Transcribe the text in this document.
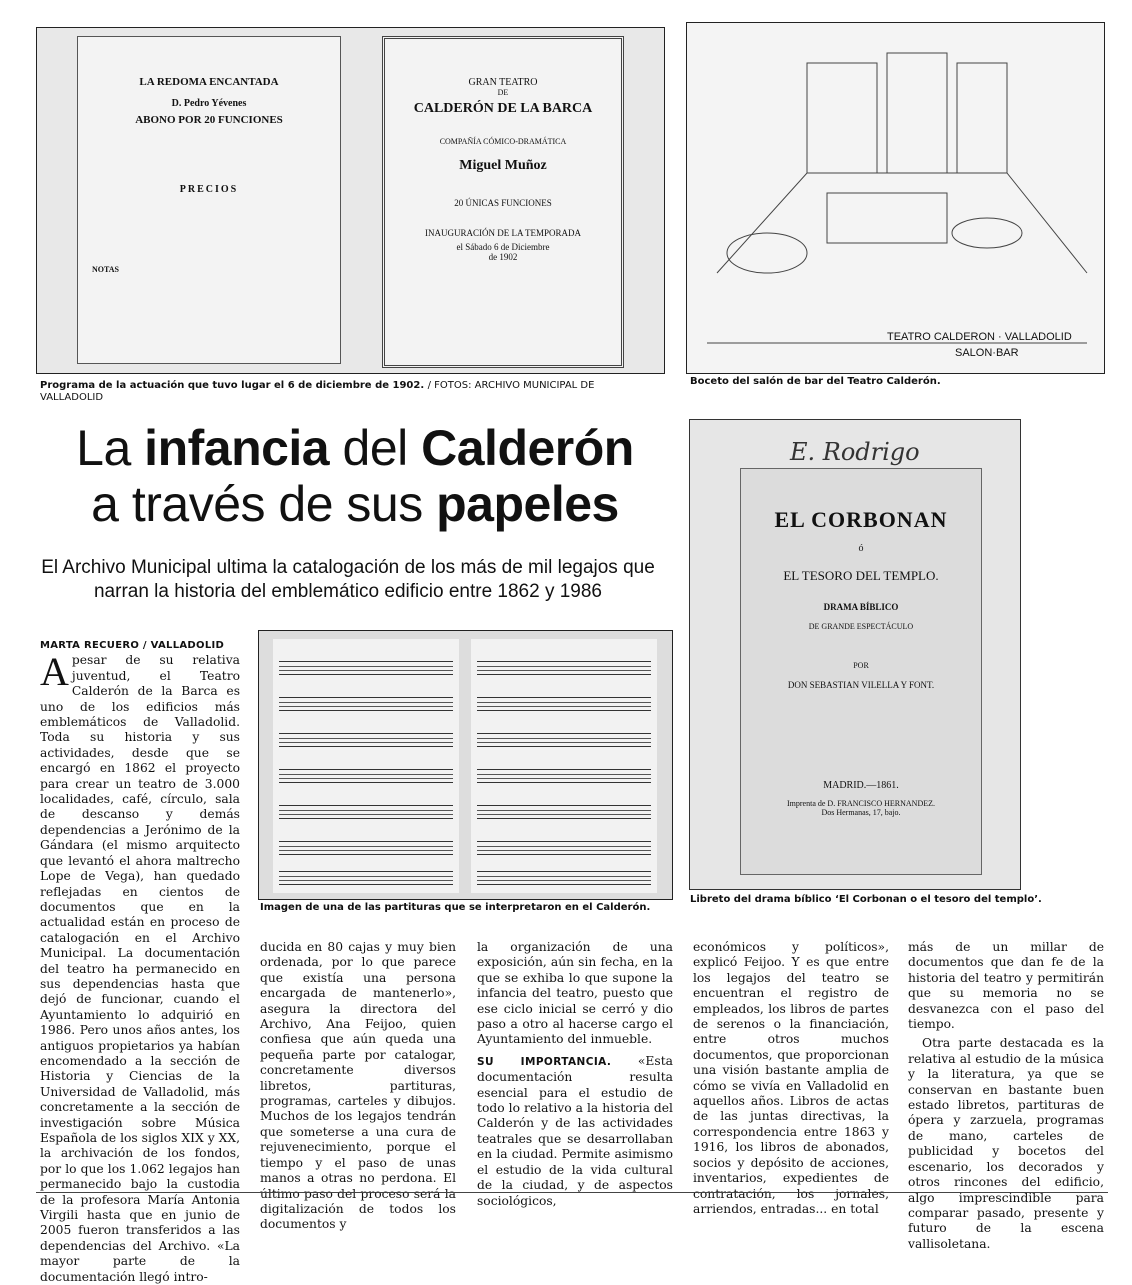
LA REDOMA ENCANTADA
D. Pedro Yévenes
ABONO POR 20 FUNCIONES
PRECIOS
NOTAS
GRAN TEATRO
DE
CALDERÓN DE LA BARCA
COMPAÑÍA CÓMICO-DRAMÁTICA
Miguel Muñoz
20 ÚNICAS FUNCIONES
INAUGURACIÓN DE LA TEMPORADA
el Sábado 6 de Diciembre
de 1902
Programa de la actuación que tuvo lugar el 6 de diciembre de 1902. / FOTOS: ARCHIVO MUNICIPAL DE VALLADOLID
TEATRO CALDERON · VALLADOLID
SALON·BAR
Boceto del salón de bar del Teatro Calderón.
La infancia del Calderón
a través de sus papeles
El Archivo Municipal ultima la catalogación de los más de mil legajos que narran la historia del emblemático edificio entre 1862 y 1986
E. Rodrigo
EL CORBONAN
ó
EL TESORO DEL TEMPLO.
DRAMA BÍBLICO
DE GRANDE ESPECTÁCULO
POR
DON SEBASTIAN VILELLA Y FONT.
MADRID.—1861.
Imprenta de D. FRANCISCO HERNANDEZ.
Dos Hermanas, 17, bajo.
Libreto del drama bíblico ‘El Corbonan o el tesoro del templo’.
Imagen de una de las partituras que se interpretaron en el Calderón.
MARTA RECUERO / VALLADOLID
A pesar de su relativa juventud, el Teatro Calderón de la Barca es uno de los edificios más emblemáticos de Valladolid. Toda su historia y sus actividades, desde que se encargó en 1862 el proyecto para crear un teatro de 3.000 localidades, café, círculo, sala de descanso y demás dependencias a Jerónimo de la Gándara (el mismo arquitecto que levantó el ahora maltrecho Lope de Vega), han quedado reflejadas en cientos de documentos que en la actualidad están en proceso de catalogación en el Archivo Municipal. La documentación del teatro ha permanecido en sus dependencias hasta que dejó de funcionar, cuando el Ayuntamiento lo adquirió en 1986. Pero unos años antes, los antiguos propietarios ya habían encomendado a la sección de Historia y Ciencias de la Universidad de Valladolid, más concretamente a la sección de investigación sobre Música Española de los siglos XIX y XX, la archivación de los fondos, por lo que los 1.062 legajos han permanecido bajo la custodia de la profesora María Antonia Virgili hasta que en junio de 2005 fueron transferidos a las dependencias del Archivo. «La mayor parte de la documentación llegó intro-
ducida en 80 cajas y muy bien ordenada, por lo que parece que existía una persona encargada de mantenerlo», asegura la directora del Archivo, Ana Feijoo, quien confiesa que aún queda una pequeña parte por catalogar, concretamente diversos libretos, partituras, programas, carteles y dibujos. Muchos de los legajos tendrán que someterse a una cura de rejuvenecimiento, porque el tiempo y el paso de unas manos a otras no perdona. El último paso del proceso será la digitalización de todos los documentos y
la organización de una exposición, aún sin fecha, en la que se exhiba lo que supone la infancia del teatro, puesto que ese ciclo inicial se cerró y dio paso a otro al hacerse cargo el Ayuntamiento del inmueble.
SU IMPORTANCIA. «Esta documentación resulta esencial para el estudio de todo lo relativo a la historia del Calderón y de las actividades teatrales que se desarrollaban en la ciudad. Permite asimismo el estudio de la vida cultural de la ciudad, y de aspectos sociológicos,
económicos y políticos», explicó Feijoo. Y es que entre los legajos del teatro se encuentran el registro de empleados, los libros de partes de serenos o la financiación, entre otros muchos documentos, que proporcionan una visión bastante amplia de cómo se vivía en Valladolid en aquellos años. Libros de actas de las juntas directivas, la correspondencia entre 1863 y 1916, los libros de abonados, socios y depósito de acciones, inventarios, expedientes de contratación, los jornales, arriendos, entradas... en total
más de un millar de documentos que dan fe de la historia del teatro y permitirán que su memoria no se desvanezca con el paso del tiempo.
Otra parte destacada es la relativa al estudio de la música y la literatura, ya que se conservan en bastante buen estado libretos, partituras de ópera y zarzuela, programas de mano, carteles de publicidad y bocetos del escenario, los decorados y otros rincones del edificio, algo imprescindible para comparar pasado, presente y futuro de la escena vallisoletana.
